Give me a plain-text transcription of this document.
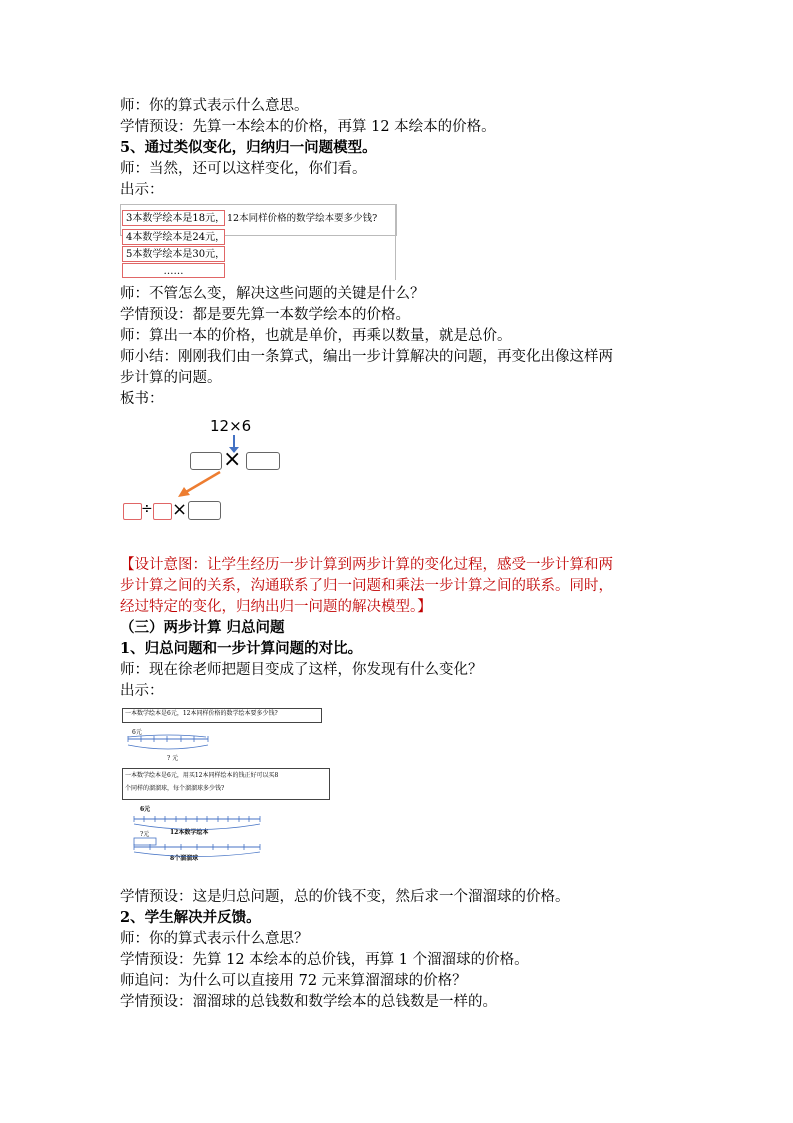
师：你的算式表示什么意思。
学情预设：先算一本绘本的价格，再算 12 本绘本的价格。
5、通过类似变化，归纳归一问题模型。
师：当然，还可以这样变化，你们看。
出示：
3本数学绘本是18元，
4本数学绘本是24元，
5本数学绘本是30元，
……
12本同样价格的数学绘本要多少钱?
师：不管怎么变，解决这些问题的关键是什么？
学情预设：都是要先算一本数学绘本的价格。
师：算出一本的价格，也就是单价，再乘以数量，就是总价。
师小结：刚刚我们由一条算式，编出一步计算解决的问题，再变化出像这样两
步计算的问题。
板书：
12×6
×
÷ ×
【设计意图：让学生经历一步计算到两步计算的变化过程，感受一步计算和两
步计算之间的关系，沟通联系了归一问题和乘法一步计算之间的联系。同时，
经过特定的变化，归纳出归一问题的解决模型。】
（三）两步计算 归总问题
1、归总问题和一步计算问题的对比。
师：现在徐老师把题目变成了这样，你发现有什么变化？
出示：
一本数学绘本是6元，12本同样价格的数学绘本要多少钱?
6元
? 元
一本数学绘本是6元，用买12本同样绘本的钱正好可以买8
个同样的溜溜球，每个溜溜球多少钱?
6元
?元	12本数学绘本
8个溜溜球
学情预设：这是归总问题，总的价钱不变，然后求一个溜溜球的价格。
2、学生解决并反馈。
师：你的算式表示什么意思？
学情预设：先算 12 本绘本的总价钱，再算 1 个溜溜球的价格。
师追问：为什么可以直接用 72 元来算溜溜球的价格？
学情预设：溜溜球的总钱数和数学绘本的总钱数是一样的。
